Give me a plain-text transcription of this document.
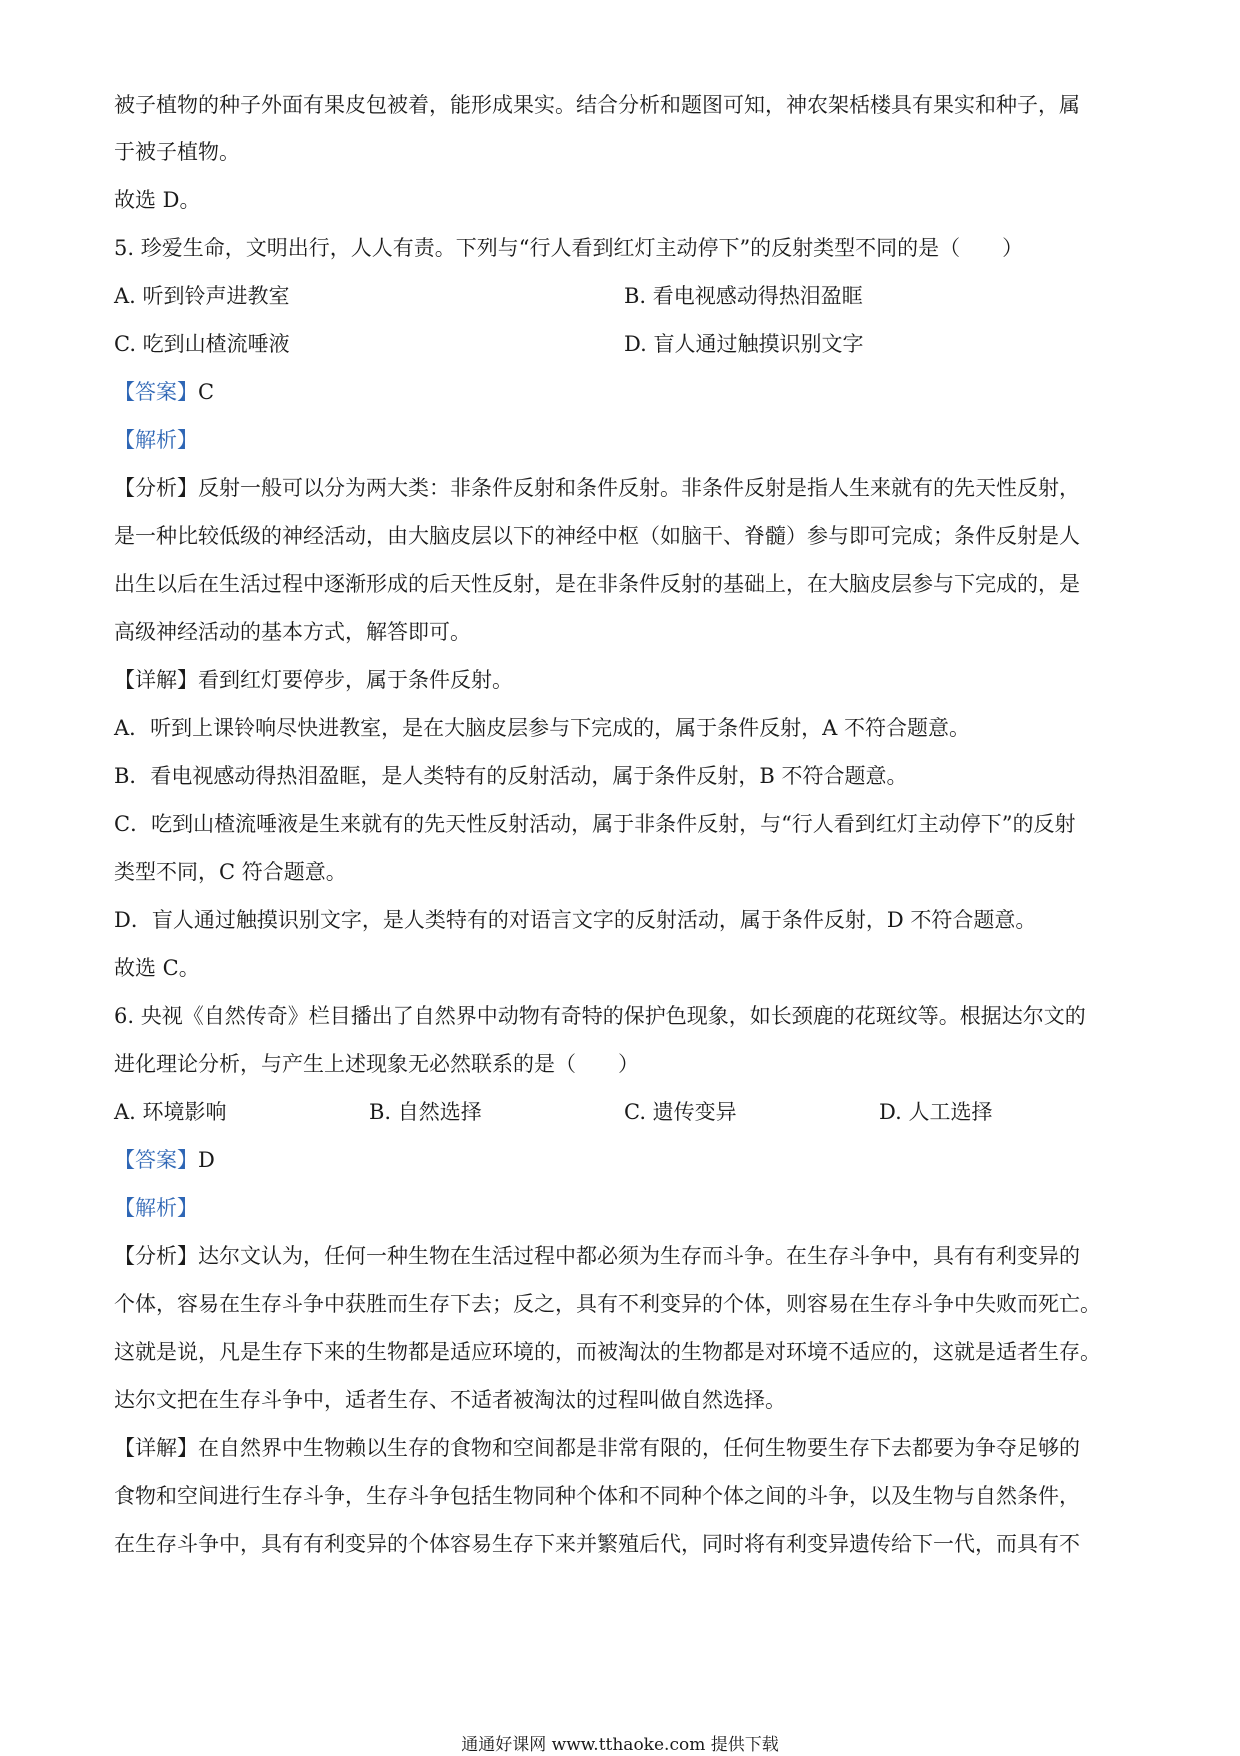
被子植物的种子外面有果皮包被着，能形成果实。结合分析和题图可知，神农架栝楼具有果实和种子，属
于被子植物。
故选 D。
5. 珍爱生命，文明出行，人人有责。下列与“行人看到红灯主动停下”的反射类型不同的是（　　）
A. 听到铃声进教室	B. 看电视感动得热泪盈眶
C. 吃到山楂流唾液	D. 盲人通过触摸识别文字
【答案】C
【解析】
【分析】反射一般可以分为两大类：非条件反射和条件反射。非条件反射是指人生来就有的先天性反射，
是一种比较低级的神经活动，由大脑皮层以下的神经中枢（如脑干、脊髓）参与即可完成；条件反射是人
出生以后在生活过程中逐渐形成的后天性反射，是在非条件反射的基础上，在大脑皮层参与下完成的，是
高级神经活动的基本方式，解答即可。
【详解】看到红灯要停步，属于条件反射。
A．听到上课铃响尽快进教室，是在大脑皮层参与下完成的，属于条件反射，A 不符合题意。
B．看电视感动得热泪盈眶，是人类特有的反射活动，属于条件反射，B 不符合题意。
C．吃到山楂流唾液是生来就有的先天性反射活动，属于非条件反射，与“行人看到红灯主动停下”的反射
类型不同，C 符合题意。
D．盲人通过触摸识别文字，是人类特有的对语言文字的反射活动，属于条件反射，D 不符合题意。
故选 C。
6. 央视《自然传奇》栏目播出了自然界中动物有奇特的保护色现象，如长颈鹿的花斑纹等。根据达尔文的
进化理论分析，与产生上述现象无必然联系的是（　　）
A. 环境影响	B. 自然选择	C. 遗传变异	D. 人工选择
【答案】D
【解析】
【分析】达尔文认为，任何一种生物在生活过程中都必须为生存而斗争。在生存斗争中，具有有利变异的
个体，容易在生存斗争中获胜而生存下去；反之，具有不利变异的个体，则容易在生存斗争中失败而死亡。
这就是说，凡是生存下来的生物都是适应环境的，而被淘汰的生物都是对环境不适应的，这就是适者生存。
达尔文把在生存斗争中，适者生存、不适者被淘汰的过程叫做自然选择。
【详解】在自然界中生物赖以生存的食物和空间都是非常有限的，任何生物要生存下去都要为争夺足够的
食物和空间进行生存斗争，生存斗争包括生物同种个体和不同种个体之间的斗争，以及生物与自然条件，
在生存斗争中，具有有利变异的个体容易生存下来并繁殖后代，同时将有利变异遗传给下一代，而具有不
通通好课网 www.tthaoke.com 提供下载
